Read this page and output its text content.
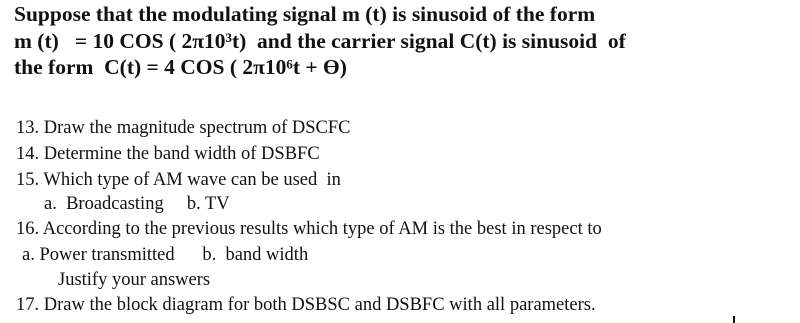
Suppose that the modulating signal m (t) is sinusoid of the form
m (t)   = 10 COS ( 2π10³t)  and the carrier signal C(t) is sinusoid  of
the form  C(t) = 4 COS ( 2π10⁶t + ϴ)
13. Draw the magnitude spectrum of DSCFC
14. Determine the band width of DSBFC
15. Which type of AM wave can be used  in
a.  Broadcasting     b. TV
16. According to the previous results which type of AM is the best in respect to
a. Power transmitted      b.  band width
Justify your answers
17. Draw the block diagram for both DSBSC and DSBFC with all parameters.
